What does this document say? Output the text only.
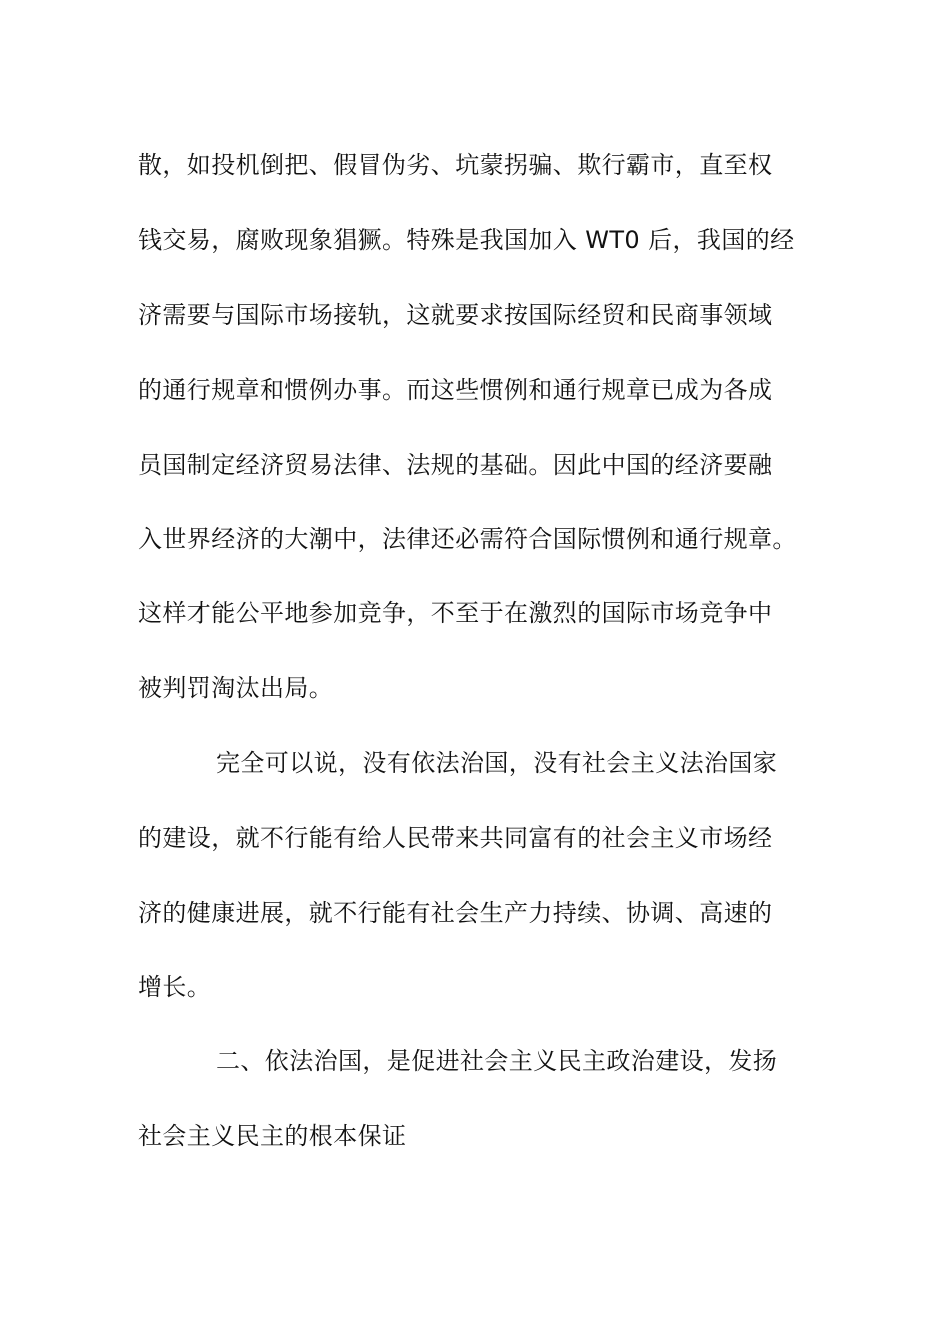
散，如投机倒把、假冒伪劣、坑蒙拐骗、欺行霸市，直至权
钱交易，腐败现象猖獗。特殊是我国加入 WT0 后，我国的经
济需要与国际市场接轨，这就要求按国际经贸和民商事领域
的通行规章和惯例办事。而这些惯例和通行规章已成为各成
员国制定经济贸易法律、法规的基础。因此中国的经济要融
入世界经济的大潮中，法律还必需符合国际惯例和通行规章。
这样才能公平地参加竞争，不至于在激烈的国际市场竞争中
被判罚淘汰出局。
完全可以说，没有依法治国，没有社会主义法治国家
的建设，就不行能有给人民带来共同富有的社会主义市场经
济的健康进展，就不行能有社会生产力持续、协调、高速的
增长。
二、依法治国，是促进社会主义民主政治建设，发扬
社会主义民主的根本保证
